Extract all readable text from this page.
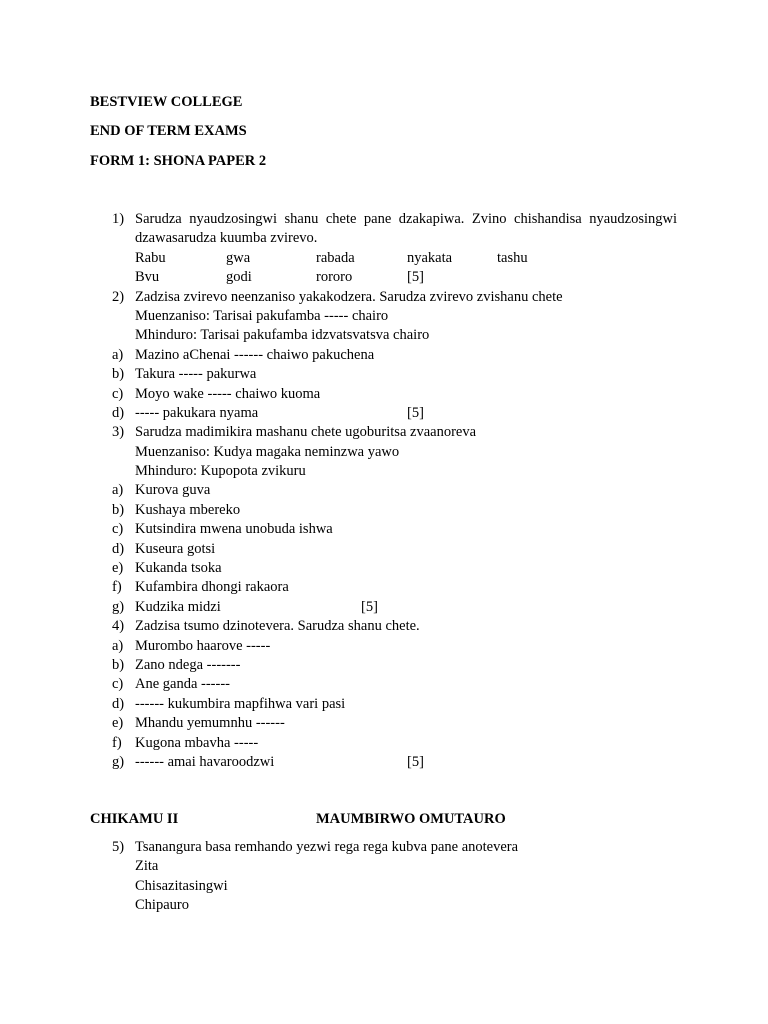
BESTVIEW COLLEGE
END OF TERM EXAMS
FORM 1: SHONA PAPER 2
1) Sarudza nyaudzosingwi shanu chete pane dzakapiwa. Zvino chishandisa nyaudzosingwi
dzawasarudza kuumba zvirevo.
Rabu	gwa	rabada	nyakata	tashu
Bvu	godi	rororo	[5]
2) Zadzisa zvirevo neenzaniso yakakodzera. Sarudza zvirevo zvishanu chete
Muenzaniso: Tarisai pakufamba ----- chairo
Mhinduro: Tarisai pakufamba idzvatsvatsva chairo
a) Mazino aChenai ------ chaiwo pakuchena
b) Takura ----- pakurwa
c) Moyo wake ----- chaiwo kuoma
d) ----- pakukara nyama	[5]
3) Sarudza madimikira mashanu chete ugoburitsa zvaanoreva
Muenzaniso: Kudya magaka neminzwa yawo
Mhinduro: Kupopota zvikuru
a) Kurova guva
b) Kushaya mbereko
c) Kutsindira mwena unobuda ishwa
d) Kuseura gotsi
e) Kukanda tsoka
f) Kufambira dhongi rakaora
g) Kudzika midzi	[5]
4) Zadzisa tsumo dzinotevera. Sarudza shanu chete.
a) Murombo haarove -----
b) Zano ndega -------
c) Ane ganda ------
d) ------ kukumbira mapfihwa vari pasi
e) Mhandu yemumnhu ------
f) Kugona mbavha -----
g) ------ amai havaroodzwi	[5]
CHIKAMU II	MAUMBIRWO OMUTAURO
5) Tsanangura basa remhando yezwi rega rega kubva pane anotevera
Zita
Chisazitasingwi
Chipauro
